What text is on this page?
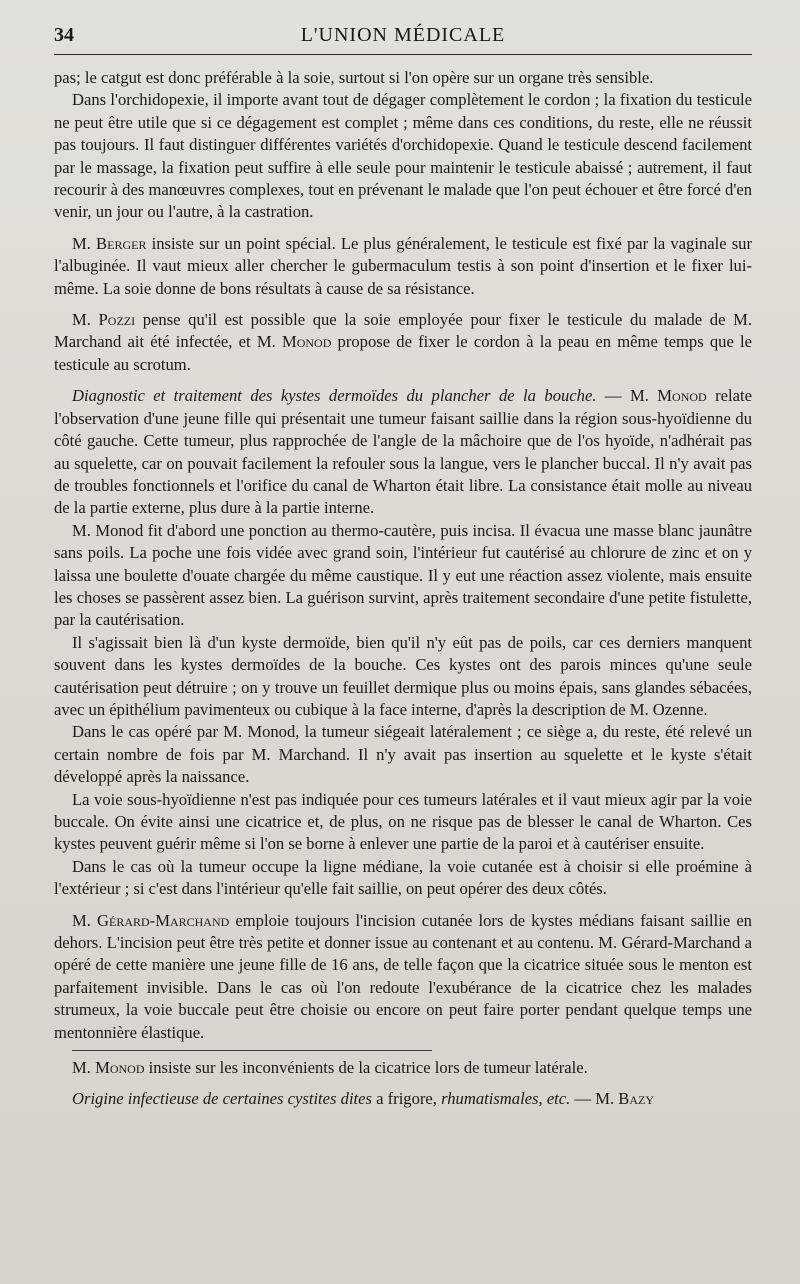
34	L'UNION MÉDICALE

pas; le catgut est donc préférable à la soie, surtout si l'on opère sur un organe très sensible.

Dans l'orchidopexie, il importe avant tout de dégager complètement le cordon ; la fixation du testicule ne peut être utile que si ce dégagement est complet ; même dans ces conditions, du reste, elle ne réussit pas toujours. Il faut distinguer différentes variétés d'orchidopexie. Quand le testicule descend facilement par le massage, la fixation peut suffire à elle seule pour maintenir le testicule abaissé ; autrement, il faut recourir à des manœuvres complexes, tout en prévenant le malade que l'on peut échouer et être forcé d'en venir, un jour ou l'autre, à la castration.

M. Berger insiste sur un point spécial. Le plus généralement, le testicule est fixé par la vaginale sur l'albuginée. Il vaut mieux aller chercher le gubermaculum testis à son point d'insertion et le fixer lui-même. La soie donne de bons résultats à cause de sa résistance.

M. Pozzi pense qu'il est possible que la soie employée pour fixer le testicule du malade de M. Marchand ait été infectée, et M. Monod propose de fixer le cordon à la peau en même temps que le testicule au scrotum.

Diagnostic et traitement des kystes dermoïdes du plancher de la bouche. — M. Monod relate l'observation d'une jeune fille qui présentait une tumeur faisant saillie dans la région sous-hyoïdienne du côté gauche. Cette tumeur, plus rapprochée de l'angle de la mâchoire que de l'os hyoïde, n'adhérait pas au squelette, car on pouvait facilement la refouler sous la langue, vers le plancher buccal. Il n'y avait pas de troubles fonctionnels et l'orifice du canal de Wharton était libre. La consistance était molle au niveau de la partie externe, plus dure à la partie interne.

M. Monod fit d'abord une ponction au thermo-cautère, puis incisa. Il évacua une masse blanc jaunâtre sans poils. La poche une fois vidée avec grand soin, l'intérieur fut cautérisé au chlorure de zinc et on y laissa une boulette d'ouate chargée du même caustique. Il y eut une réaction assez violente, mais ensuite les choses se passèrent assez bien. La guérison survint, après traitement secondaire d'une petite fistulette, par la cautérisation.

Il s'agissait bien là d'un kyste dermoïde, bien qu'il n'y eût pas de poils, car ces derniers manquent souvent dans les kystes dermoïdes de la bouche. Ces kystes ont des parois minces qu'une seule cautérisation peut détruire ; on y trouve un feuillet dermique plus ou moins épais, sans glandes sébacées, avec un épithélium pavimenteux ou cubique à la face interne, d'après la description de M. Ozenne.

Dans le cas opéré par M. Monod, la tumeur siégeait latéralement ; ce siège a, du reste, été relevé un certain nombre de fois par M. Marchand. Il n'y avait pas insertion au squelette et le kyste s'était développé après la naissance.

La voie sous-hyoïdienne n'est pas indiquée pour ces tumeurs latérales et il vaut mieux agir par la voie buccale. On évite ainsi une cicatrice et, de plus, on ne risque pas de blesser le canal de Wharton. Ces kystes peuvent guérir même si l'on se borne à enlever une partie de la paroi et à cautériser ensuite.

Dans le cas où la tumeur occupe la ligne médiane, la voie cutanée est à choisir si elle proémine à l'extérieur ; si c'est dans l'intérieur qu'elle fait saillie, on peut opérer des deux côtés.

M. Gérard-Marchand emploie toujours l'incision cutanée lors de kystes médians faisant saillie en dehors. L'incision peut être très petite et donner issue au contenant et au contenu. M. Gérard-Marchand a opéré de cette manière une jeune fille de 16 ans, de telle façon que la cicatrice située sous le menton est parfaitement invisible. Dans le cas où l'on redoute l'exubérance de la cicatrice chez les malades strumeux, la voie buccale peut être choisie ou encore on peut faire porter pendant quelque temps une mentonnière élastique.

M. Monod insiste sur les inconvénients de la cicatrice lors de tumeur latérale.

Origine infectieuse de certaines cystites dites a frigore, rhumatismales, etc. — M. Bazy
